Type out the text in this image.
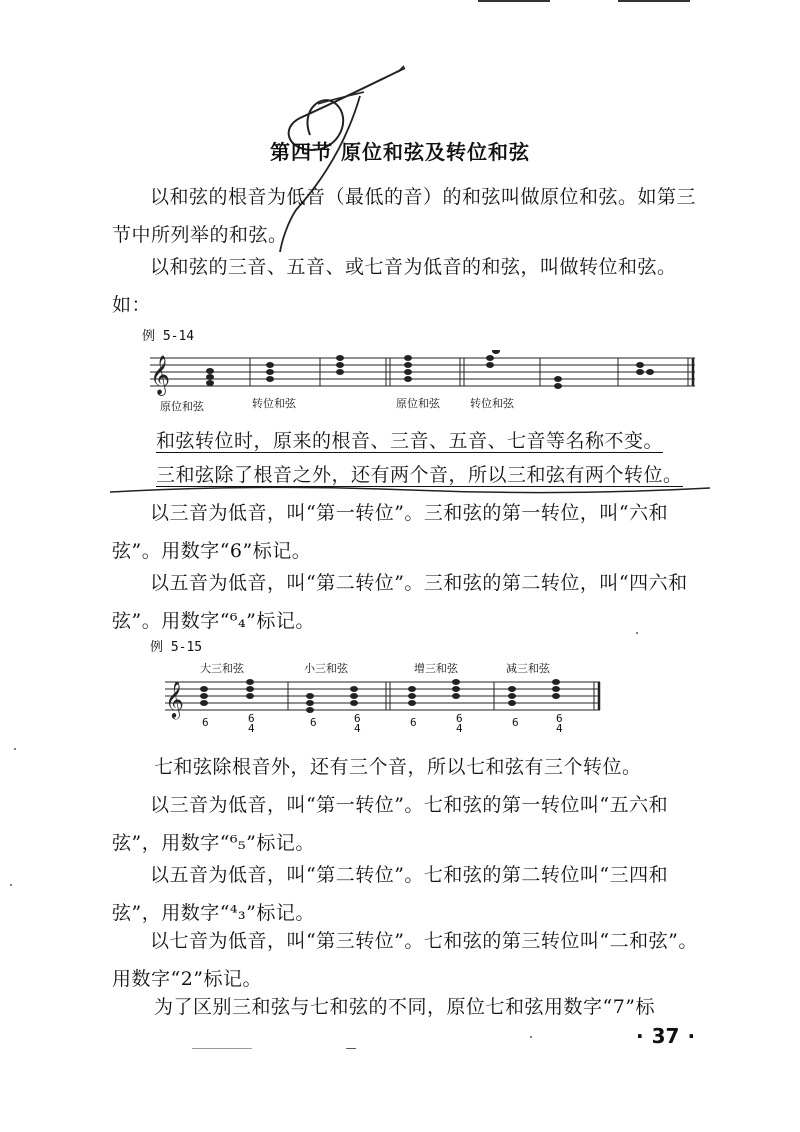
第四节 原位和弦及转位和弦

以和弦的根音为低音（最低的音）的和弦叫做原位和弦。如第三节中所列举的和弦。

以和弦的三音、五音、或七音为低音的和弦，叫做转位和弦。如：

例 5-14
𝄞
原位和弦	转位和弦	原位和弦	转位和弦

和弦转位时，原来的根音、三音、五音、七音等名称不变。

三和弦除了根音之外，还有两个音，所以三和弦有两个转位。

以三音为低音，叫“第一转位”。三和弦的第一转位，叫“六和弦”。用数字“6”标记。

以五音为低音，叫“第二转位”。三和弦的第二转位，叫“四六和弦”。用数字“⁶₄”标记。

例 5-15
大三和弦	小三和弦	增三和弦	减三和弦
𝄞
6	6
4	6	6
4	6	6
4	6	6
4

七和弦除根音外，还有三个音，所以七和弦有三个转位。

以三音为低音，叫“第一转位”。七和弦的第一转位叫“五六和弦”，用数字“⁶₅”标记。

以五音为低音，叫“第二转位”。七和弦的第二转位叫“三四和弦”，用数字“⁴₃”标记。

以七音为低音，叫“第三转位”。七和弦的第三转位叫“二和弦”。用数字“2”标记。

为了区别三和弦与七和弦的不同，原位七和弦用数字“7”标

· 37 ·
